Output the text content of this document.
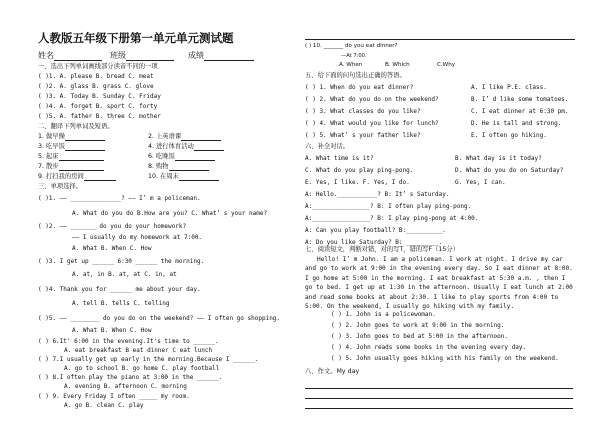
人教版五年级下册第一单元单元测试题
姓名	班级	成绩
一、选出下列单词画线部分读音不同的一项
( )1. A. please B. bread C. meat
( )2. A. glass B. grass C. glove
( )3. A. Today B. Sunday C. Friday
( )4. A. forget B. sport C. forty
( )5. A. father B. three C. mother
二、翻译下列单词及短语。
1. 做早操	2. 上英语课
3. 吃早饭	4. 进行体育活动
5. 起床	6. 吃晚饭
7. 散步	8. 购物
9. 打扫我的房间	10. 在周末
三、单项选择。
( )1. —— ______________? —— I’ m a policeman.
A. What do you do B.How are you? C. What’ s your name?
( )2. —— _______ do you do your homework?
—— I usually do my homework at 7:00.
A. What B. When C. How
( )3. I get up ______ 6:30 ______ the morning.
A. at, in B. at, at C. in, at
( )4. Thank you for ______ me about your day.
A. tell B. tells C. telling
( )5. —— ________ do you do on the weekend? —— I often go shopping.
A. What B. When C. How
( ) 6.It' 6:00 in the evening.It's time to ______.
A. eat breakfast B eat dinner C eat lunch
( ) 7.I usually get up early in the morning.Because I ______.
A. go to school B. go home C. play football
( ) 8.I often play the piano at 3:00 in the ______.
A. evening B. afternoon C. morning
( ) 9. Every Friday I often _____ my room.
A. go B. clean C. play
( ) 10. _______ do you eat dinner?
—At 7:00.
A. When	B. Which	C.Why
五、给下面的问句选出正确的答语。
( ) 1. When do you eat dinner?	A. I like P.E. class.
( ) 2. What do you do on the weekend?	B. I’ d like some tomatoes.
( ) 3. What classes do you like?	C. I eat dinner at 6:30 pm.
( ) 4. What would you like for lunch?	D. He is tall and strong.
( ) 5. What’ s your father like?	E. I often go hiking.
六、补全对话。
A. What time is it?	B. What day is it today?
C. What do you play ping-pong.	D. What do you do on Saturday?
E. Yes, I like. F. Yes, I do.	G. Yes, I can.
A: Hello.___________? B: It’ s Saturday.
A:________________? B: I often play ping-pong.
A:________________? B: I play ping-pong at 4:00.
A: Can you play football? B:__________.
A: Do you like Saturday? B: _________.
七、阅读短文，判断对错，对的写T，错的写F（15分）
Hello! I’ m John. I am a policeman. I work at night. I drive my car and go to work at 9:00 in the evening every day. So I eat dinner at 8:00. I go home at 5:00 in the morning. I eat breakfast at 5:30 a.m. , then I go to bed. I get up at 1:30 in the afternoon. Usually I eat lunch at 2:00 and read some books at about 2:30. I like to play sports from 4:00 to 5:00. On the weekend, I usually go hiking with my family.
( ) 1. John is a policewoman.
( ) 2. John goes to work at 9:00 in the morning.
( ) 3. John goes to bed at 5:00 in the afternoon.
( ) 4. John reads some books in the evening every day.
( ) 5. John usually goes hiking with his family on the weekend.
八、作文。My day
